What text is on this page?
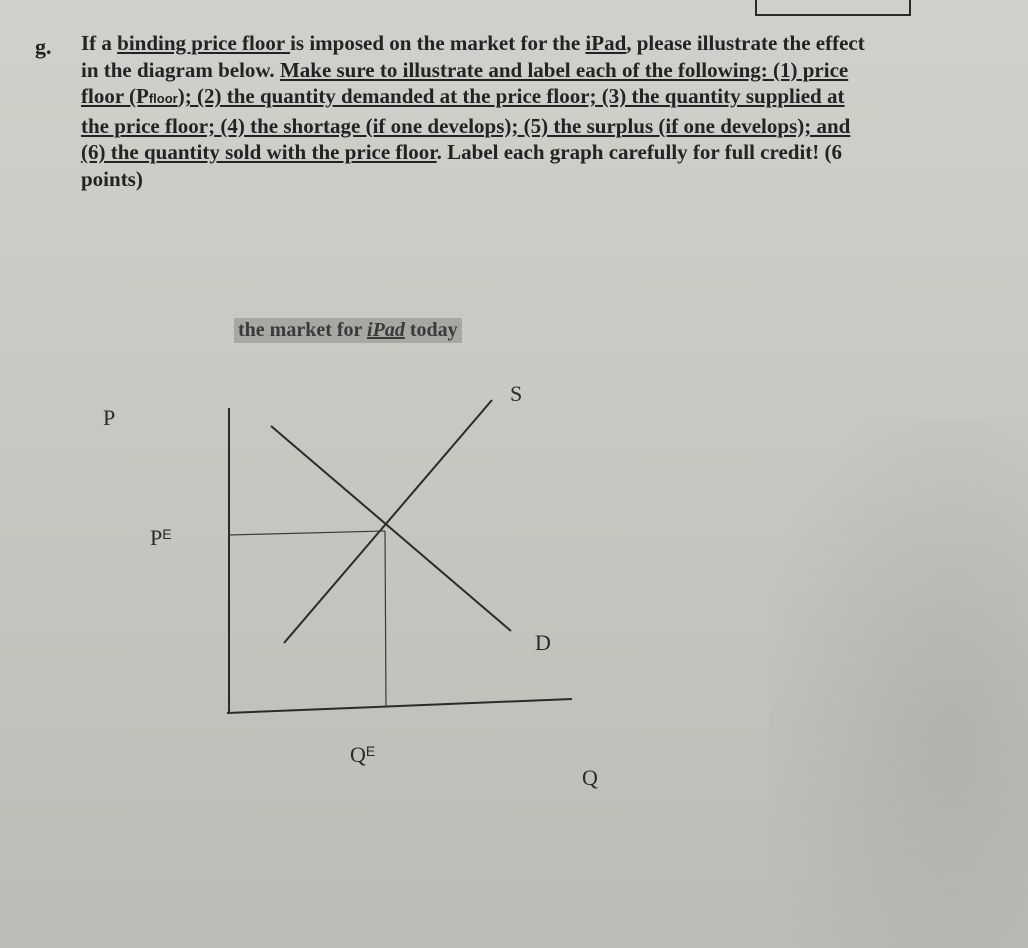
g. If a binding price floor is imposed on the market for the iPad, please illustrate the effect
in the diagram below. Make sure to illustrate and label each of the following: (1) price
floor (Pfloor); (2) the quantity demanded at the price floor; (3) the quantity supplied at
the price floor; (4) the shortage (if one develops); (5) the surplus (if one develops); and
(6) the quantity sold with the price floor. Label each graph carefully for full credit! (6
points)
the market for iPad today
P
S
$P^E$
D
$Q^E$
Q
